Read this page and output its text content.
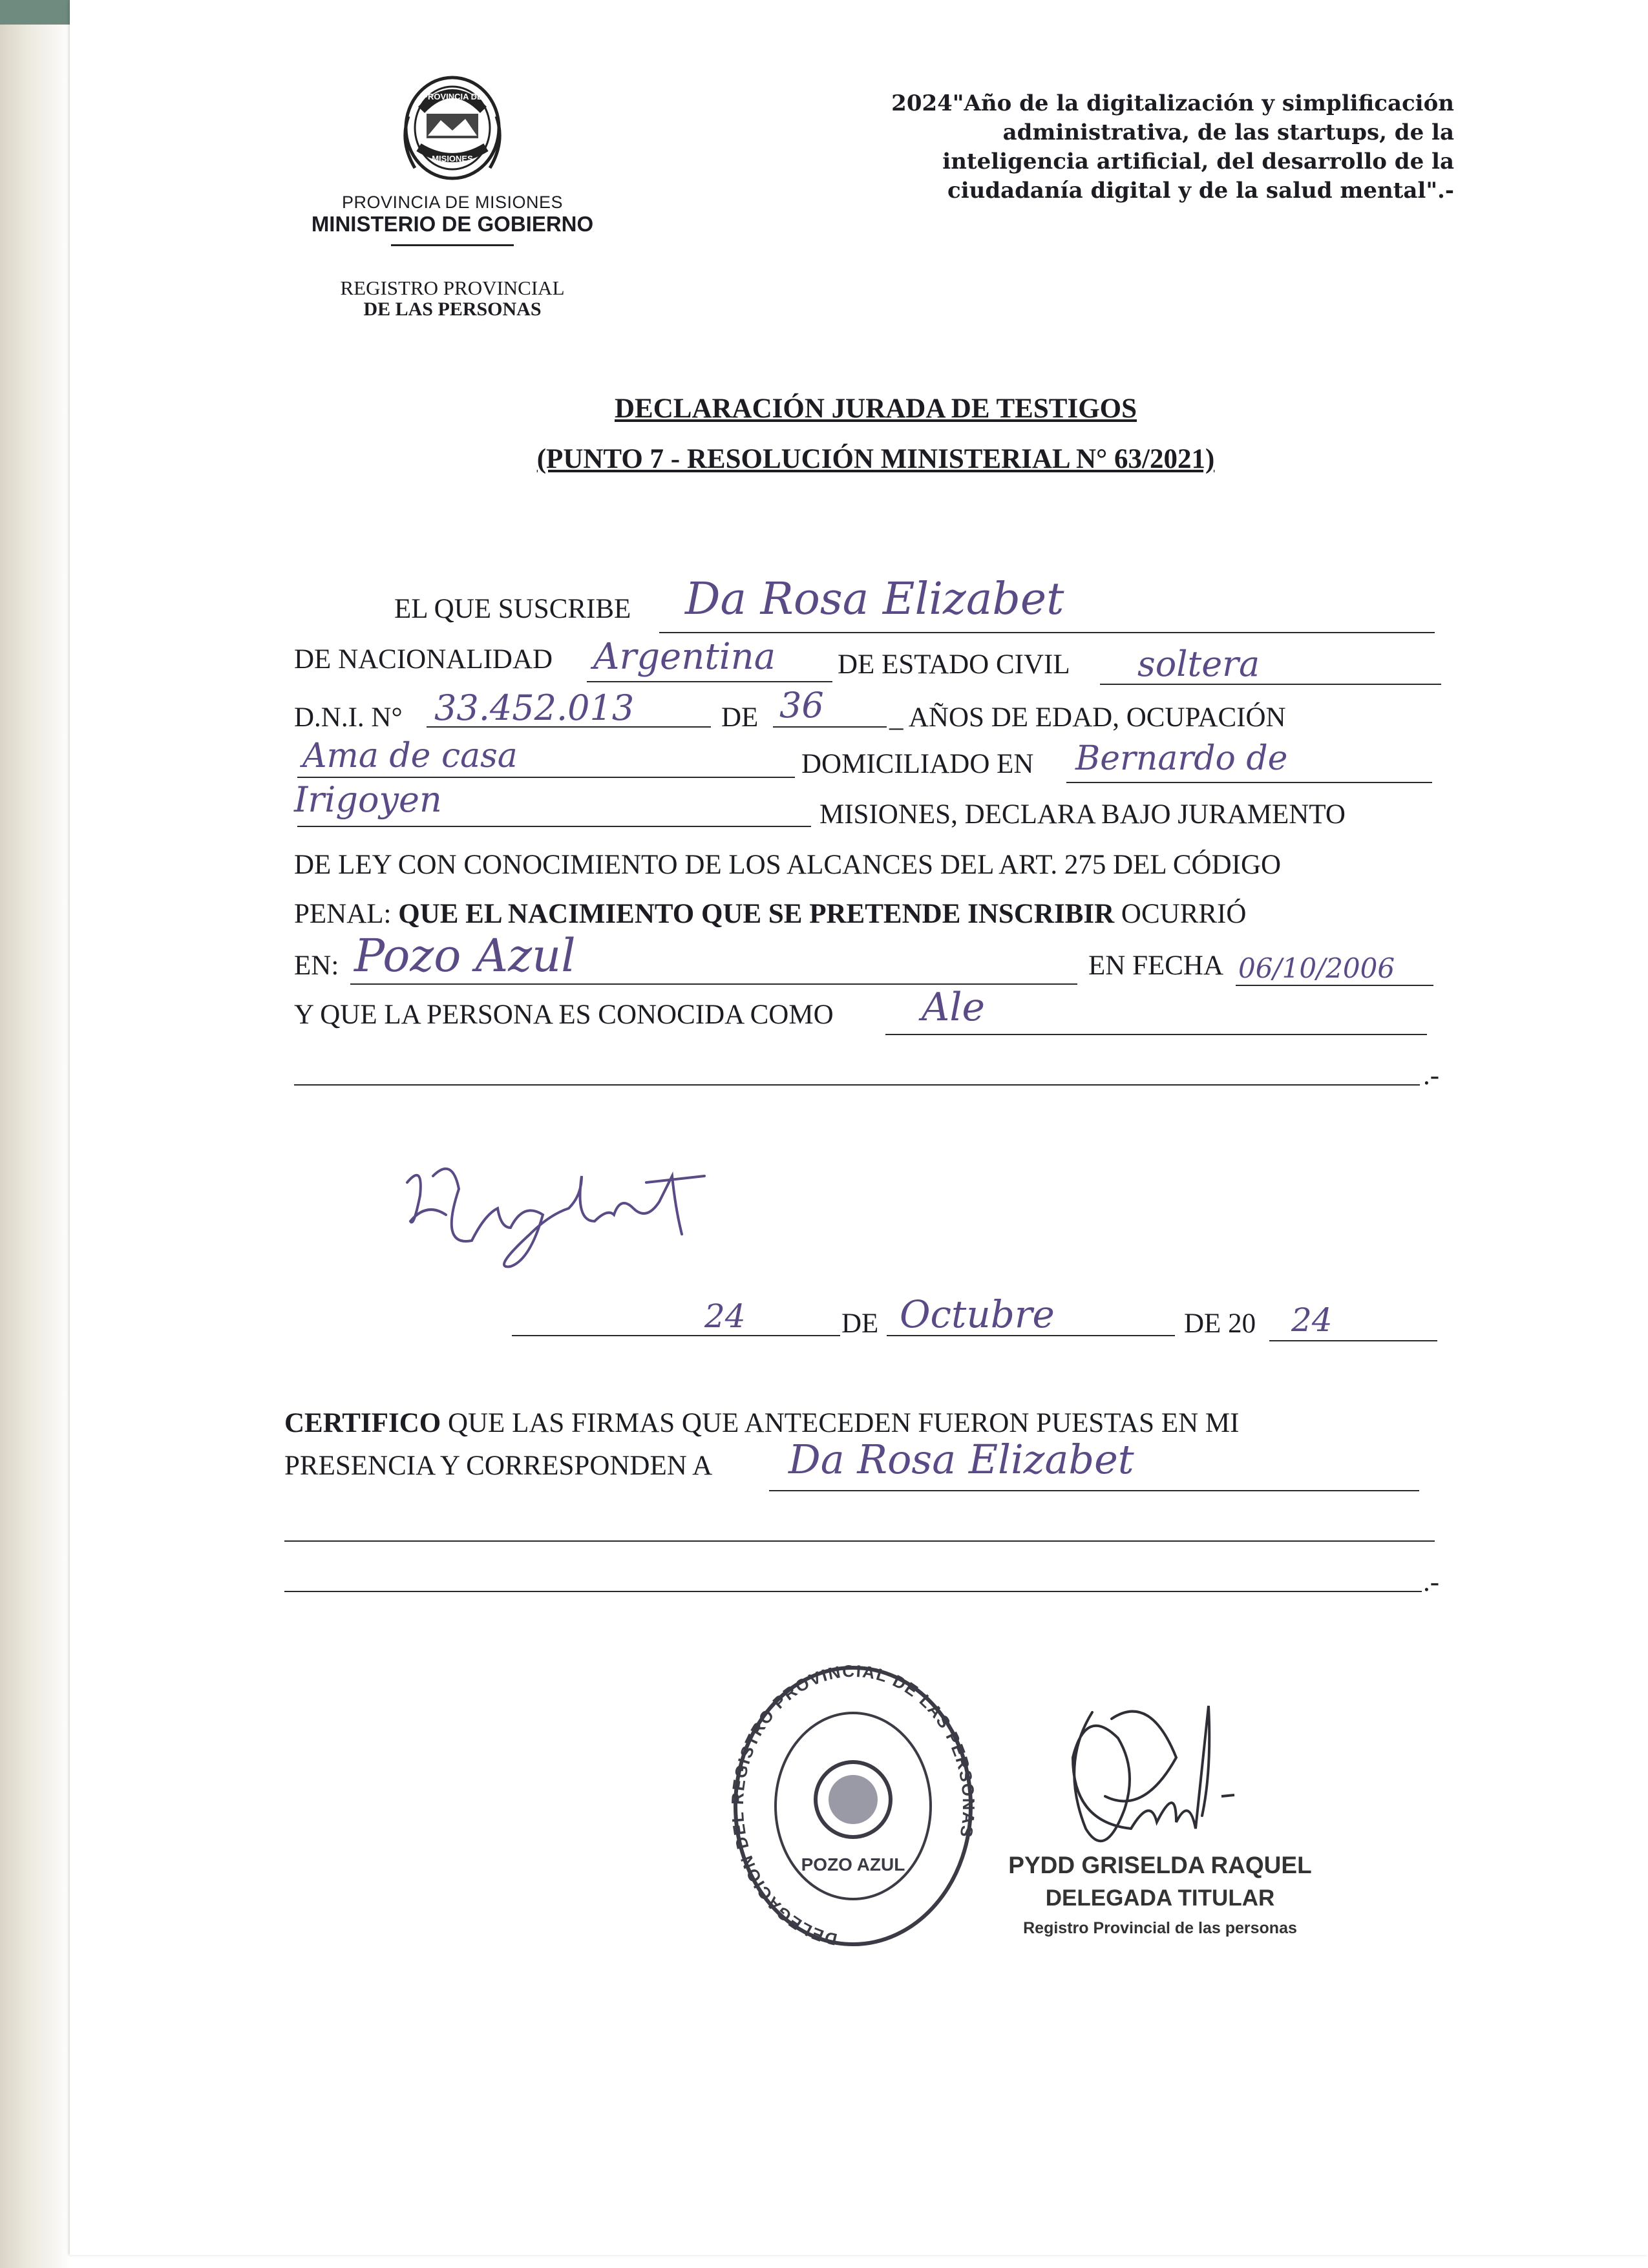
PROVINCIA DE
MISIONES
PROVINCIA DE MISIONES
MINISTERIO DE GOBIERNO
REGISTRO PROVINCIAL
DE LAS PERSONAS
2024"Año de la digitalización y simplificación
administrativa, de las startups, de la
inteligencia artificial, del desarrollo de la
ciudadanía digital y de la salud mental".-
DECLARACIÓN JURADA DE TESTIGOS
(PUNTO 7 - RESOLUCIÓN MINISTERIAL N° 63/2021)
EL QUE SUSCRIBE Da Rosa Elizabet
DE NACIONALIDAD Argentina DE ESTADO CIVIL soltera
D.N.I. N° 33.452.013	DE 36 _ AÑOS DE EDAD, OCUPACIÓN
Ama de casa	DOMICILIADO EN Bernardo de
Irigoyen	MISIONES, DECLARA BAJO JURAMENTO
DE LEY CON CONOCIMIENTO DE LOS ALCANCES DEL ART. 275 DEL CÓDIGO
PENAL: QUE EL NACIMIENTO QUE SE PRETENDE INSCRIBIR OCURRIÓ
EN: Pozo Azul	EN FECHA 06/10/2006
Y QUE LA PERSONA ES CONOCIDA COMO Ale
.-
24	DE Octubre	DE 20 24
CERTIFICO QUE LAS FIRMAS QUE ANTECEDEN FUERON PUESTAS EN MI
PRESENCIA Y CORRESPONDEN A Da Rosa Elizabet
.-
DELEGACION DEL REGISTRO PROVINCIAL DE LAS PERSONAS
POZO AZUL	PYDD GRISELDA RAQUEL
DELEGADA TITULAR
Registro Provincial de las personas
